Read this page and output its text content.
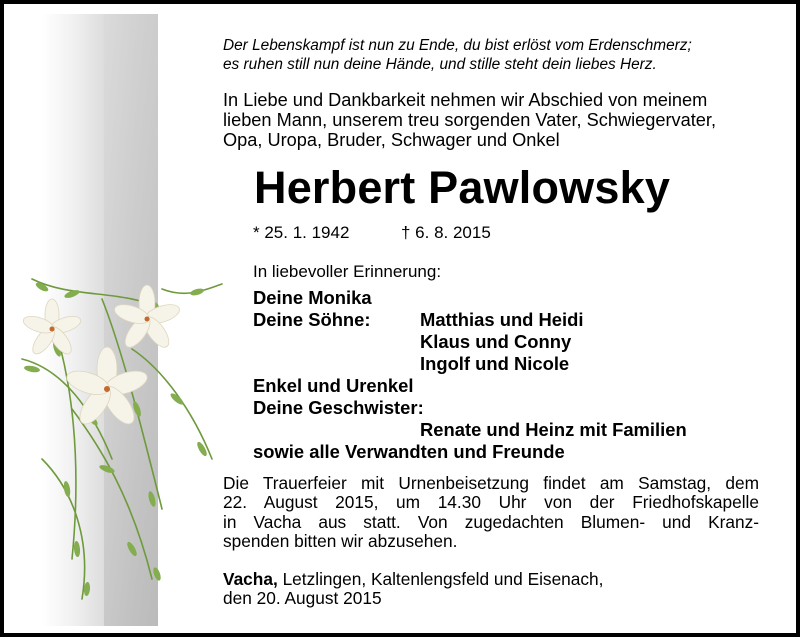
Der Lebenskampf ist nun zu Ende, du bist erlöst vom Erdenschmerz;
es ruhen still nun deine Hände, und stille steht dein liebes Herz.
In Liebe und Dankbarkeit nehmen wir Abschied von meinem
lieben Mann, unserem treu sorgenden Vater, Schwiegervater,
Opa, Uropa, Bruder, Schwager und Onkel
Herbert Pawlowsky
* 25. 1. 1942	† 6. 8. 2015
In liebevoller Erinnerung:
Deine Monika
Deine Söhne:	Matthias und Heidi
Klaus und Conny
Ingolf und Nicole
Enkel und Urenkel
Deine Geschwister:
Renate und Heinz mit Familien
sowie alle Verwandten und Freunde
Die Trauerfeier mit Urnenbeisetzung findet am Samstag, dem
22. August 2015, um 14.30 Uhr von der Friedhofskapelle
in Vacha aus statt. Von zugedachten Blumen- und Kranz-
spenden bitten wir abzusehen.
Vacha, Letzlingen, Kaltenlengsfeld und Eisenach,
den 20. August 2015
